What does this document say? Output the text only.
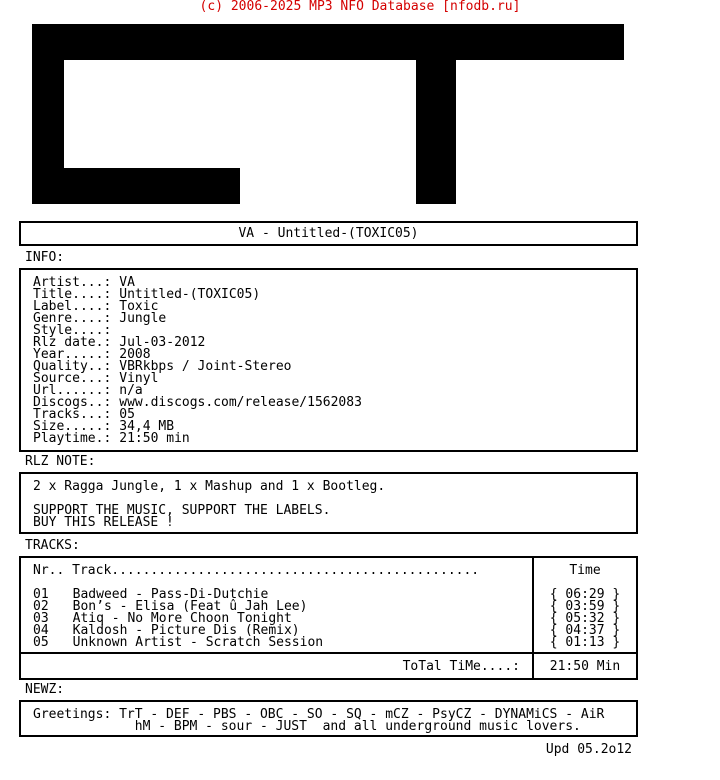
(c) 2006-2025 MP3 NFO Database [nfodb.ru]
VA - Untitled-(TOXIC05)
INFO:
Artist...: VA
Title....: Untitled-(TOXIC05)
Label....: Toxic
Genre....: Jungle
Style....:
Rlz date.: Jul-03-2012
Year.....: 2008
Quality..: VBRkbps / Joint-Stereo
Source...: Vinyl
Url......: n/a
Discogs..: www.discogs.com/release/1562083
Tracks...: 05
Size.....: 34,4 MB
Playtime.: 21:50 min
RLZ NOTE:
2 x Ragga Jungle, 1 x Mashup and 1 x Bootleg.
SUPPORT THE MUSIC, SUPPORT THE LABELS.
BUY THIS RELEASE !
TRACKS:
Nr.. Track...............................................	Time
01 Badweed - Pass-Di-Dutchie
02 Bon’s - Elisa (Feat û Jah Lee)
03 Atiq - No More Choon Tonight
04 Kaldosh - Picture Dis (Remix)
05 Unknown Artist - Scratch Session
{ 06:29 }
{ 03:59 }
{ 05:32 }
{ 04:37 }
{ 01:13 }
ToTal TiMe....:	21:50 Min
NEWZ:
Greetings: TrT - DEF - PBS - OBC - SO - SQ - mCZ - PsyCZ - DYNAMiCS - AiR
hM - BPM - sour - JUST  and all underground music lovers.
Upd 05.2o12
